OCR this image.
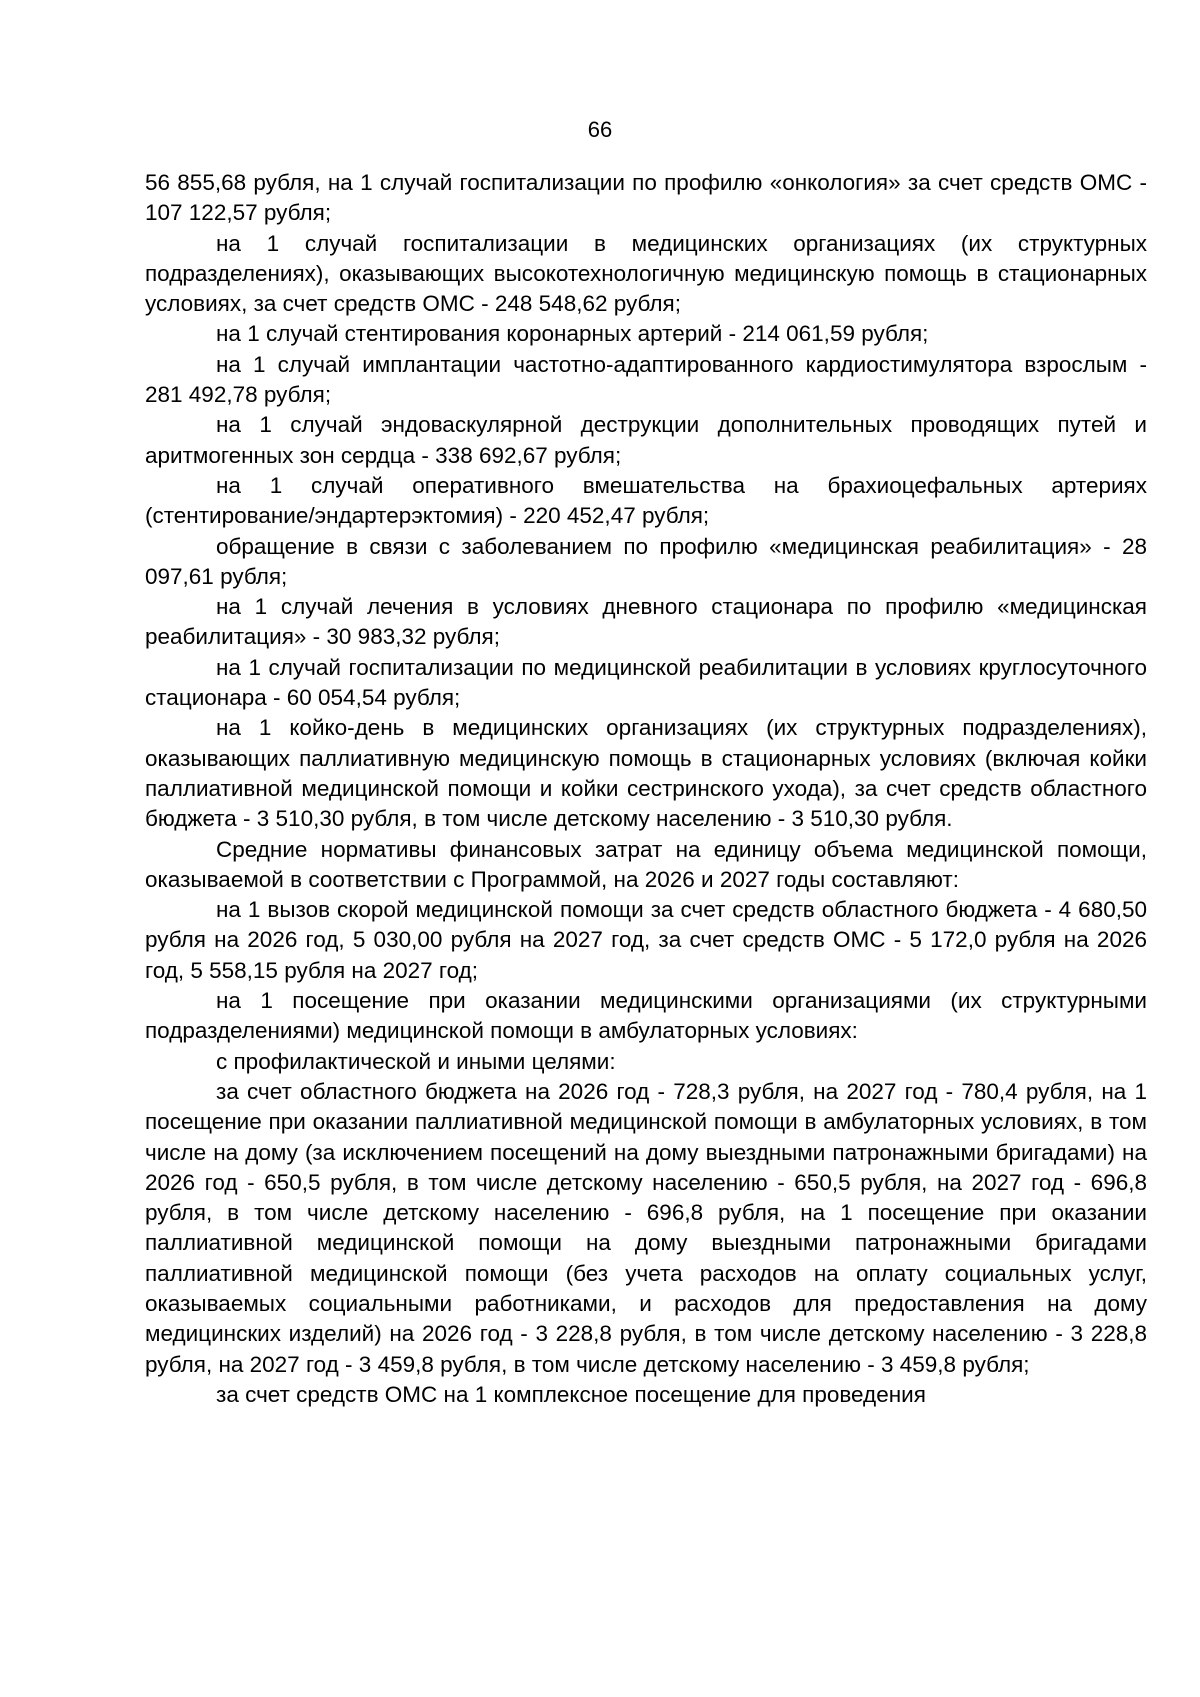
66

56 855,68 рубля, на 1 случай госпитализации по профилю «онкология» за счет средств ОМС - 107 122,57 рубля;

на 1 случай госпитализации в медицинских организациях (их структурных подразделениях), оказывающих высокотехнологичную медицинскую помощь в стационарных условиях, за счет средств ОМС - 248 548,62 рубля;

на 1 случай стентирования коронарных артерий - 214 061,59 рубля;

на 1 случай имплантации частотно-адаптированного кардиостимулятора взрослым - 281 492,78 рубля;

на 1 случай эндоваскулярной деструкции дополнительных проводящих путей и аритмогенных зон сердца - 338 692,67 рубля;

на 1 случай оперативного вмешательства на брахиоцефальных артериях (стентирование/эндартерэктомия) - 220 452,47 рубля;

обращение в связи с заболеванием по профилю «медицинская реабилитация» - 28 097,61 рубля;

на 1 случай лечения в условиях дневного стационара по профилю «медицинская реабилитация» - 30 983,32 рубля;

на 1 случай госпитализации по медицинской реабилитации в условиях круглосуточного стационара - 60 054,54 рубля;

на 1 койко-день в медицинских организациях (их структурных подразделениях), оказывающих паллиативную медицинскую помощь в стационарных условиях (включая койки паллиативной медицинской помощи и койки сестринского ухода), за счет средств областного бюджета - 3 510,30 рубля, в том числе детскому населению - 3 510,30 рубля.

Средние нормативы финансовых затрат на единицу объема медицинской помощи, оказываемой в соответствии с Программой, на 2026 и 2027 годы составляют:

на 1 вызов скорой медицинской помощи за счет средств областного бюджета - 4 680,50 рубля на 2026 год, 5 030,00 рубля на 2027 год, за счет средств ОМС - 5 172,0 рубля на 2026 год, 5 558,15 рубля на 2027 год;

на 1 посещение при оказании медицинскими организациями (их структурными подразделениями) медицинской помощи в амбулаторных условиях:

с профилактической и иными целями:

за счет областного бюджета на 2026 год - 728,3 рубля, на 2027 год - 780,4 рубля, на 1 посещение при оказании паллиативной медицинской помощи в амбулаторных условиях, в том числе на дому (за исключением посещений на дому выездными патронажными бригадами) на 2026 год - 650,5 рубля, в том числе детскому населению - 650,5 рубля, на 2027 год - 696,8 рубля, в том числе детскому населению - 696,8 рубля, на 1 посещение при оказании паллиативной медицинской помощи на дому выездными патронажными бригадами паллиативной медицинской помощи (без учета расходов на оплату социальных услуг, оказываемых социальными работниками, и расходов для предоставления на дому медицинских изделий) на 2026 год - 3 228,8 рубля, в том числе детскому населению - 3 228,8 рубля, на 2027 год - 3 459,8 рубля, в том числе детскому населению - 3 459,8 рубля;

за счет средств ОМС на 1 комплексное посещение для проведения
